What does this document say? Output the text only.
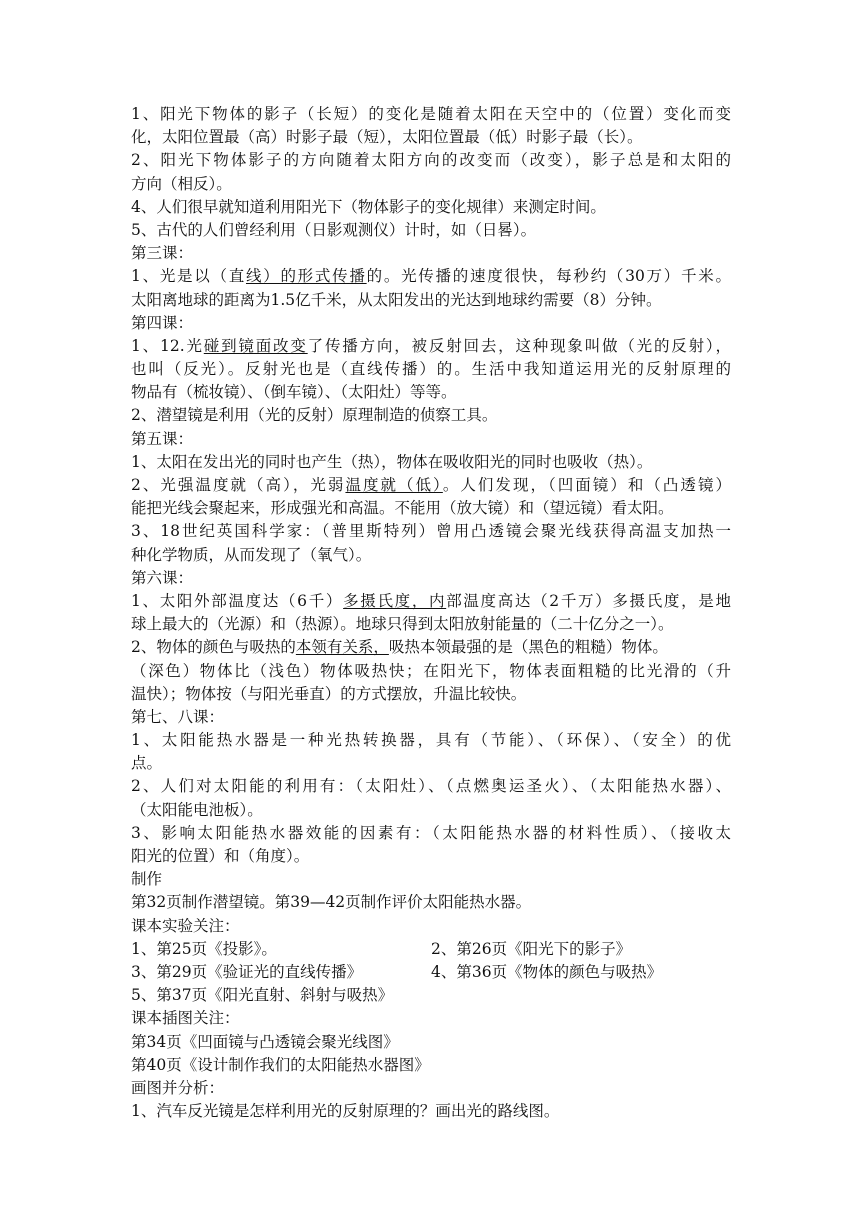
1、阳光下物体的影子（长短）的变化是随着太阳在天空中的（位置）变化而变
化，太阳位置最（高）时影子最（短），太阳位置最（低）时影子最（长）。
2、阳光下物体影子的方向随着太阳方向的改变而（改变），影子总是和太阳的
方向（相反）。
4、人们很早就知道利用阳光下（物体影子的变化规律）来测定时间。
5、古代的人们曾经利用（日影观测仪）计时，如（日晷）。
第三课：
1、光是以（直线）的形式传播的。光传播的速度很快，每秒约（30万）千米。
太阳离地球的距离为1.5亿千米，从太阳发出的光达到地球约需要（8）分钟。
第四课：
1、12.光碰到镜面改变了传播方向，被反射回去，这种现象叫做（光的反射），
也叫（反光）。反射光也是（直线传播）的。生活中我知道运用光的反射原理的
物品有（梳妆镜）、（倒车镜）、（太阳灶）等等。
2、潜望镜是利用（光的反射）原理制造的侦察工具。
第五课：
1、太阳在发出光的同时也产生（热），物体在吸收阳光的同时也吸收（热）。
2、光强温度就（高），光弱温度就（低）。人们发现，（凹面镜）和（凸透镜）
能把光线会聚起来，形成强光和高温。不能用（放大镜）和（望远镜）看太阳。
3、18世纪英国科学家：（普里斯特列）曾用凸透镜会聚光线获得高温支加热一
种化学物质，从而发现了（氧气）。
第六课：
1、太阳外部温度达（6千）多摄氏度，内部温度高达（2千万）多摄氏度，是地
球上最大的（光源）和（热源）。地球只得到太阳放射能量的（二十亿分之一）。
2、物体的颜色与吸热的本领有关系，吸热本领最强的是（黑色的粗糙）物体。
（深色）物体比（浅色）物体吸热快；在阳光下，物体表面粗糙的比光滑的（升
温快）；物体按（与阳光垂直）的方式摆放，升温比较快。
第七、八课：
1、太阳能热水器是一种光热转换器，具有（节能）、（环保）、（安全）的优
点。
2、人们对太阳能的利用有：（太阳灶）、（点燃奥运圣火）、（太阳能热水器）、
（太阳能电池板）。
3、影响太阳能热水器效能的因素有：（太阳能热水器的材料性质）、（接收太
阳光的位置）和（角度）。
制作
第32页制作潜望镜。第39—42页制作评价太阳能热水器。
课本实验关注：
1、第25页《投影》。	2、第26页《阳光下的影子》
3、第29页《验证光的直线传播》	4、第36页《物体的颜色与吸热》
5、第37页《阳光直射、斜射与吸热》
课本插图关注：
第34页《凹面镜与凸透镜会聚光线图》
第40页《设计制作我们的太阳能热水器图》
画图并分析：
1、汽车反光镜是怎样利用光的反射原理的？画出光的路线图。
